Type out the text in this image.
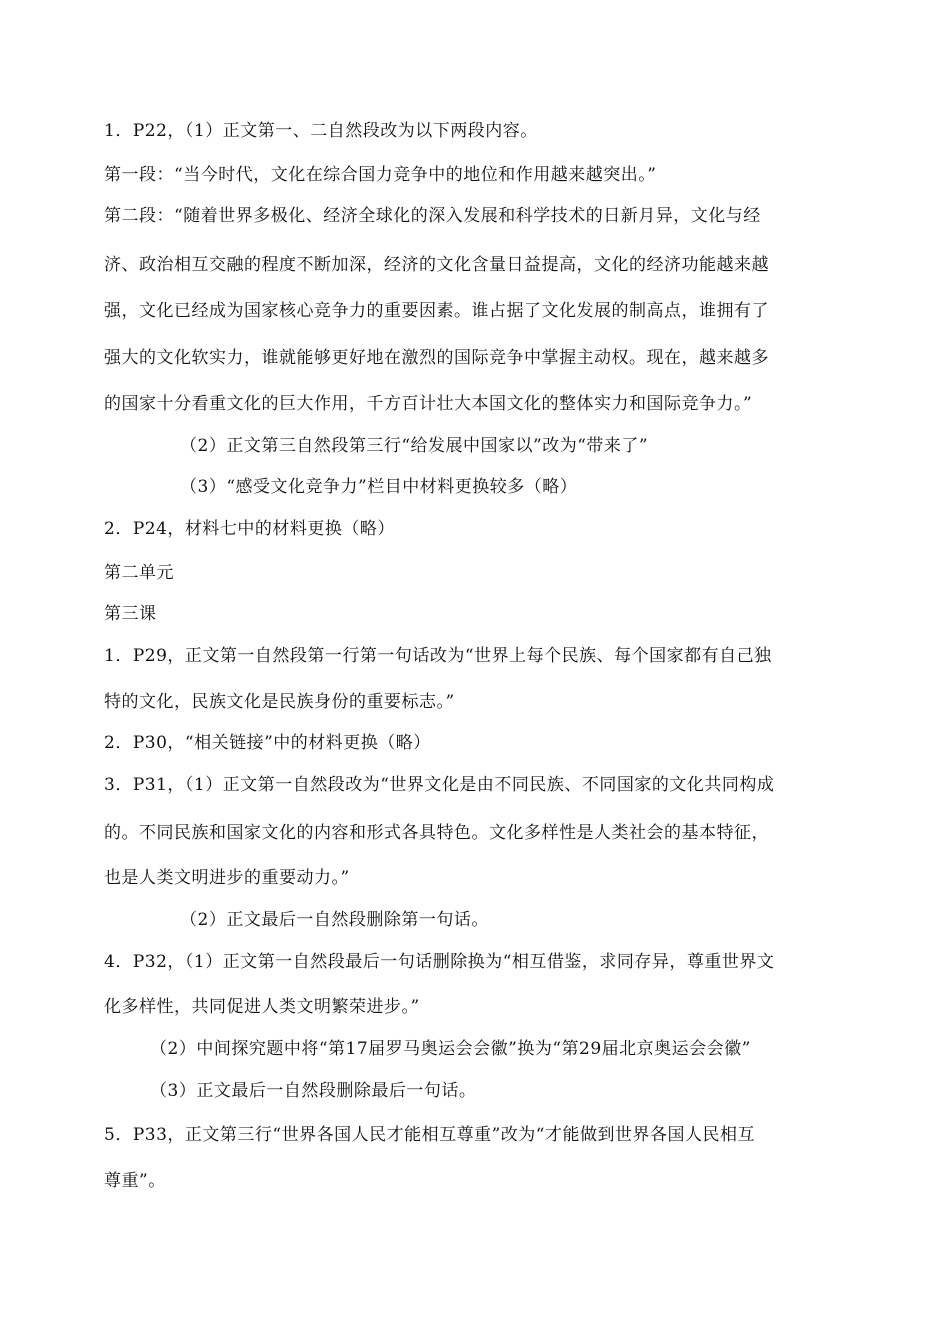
1．P22，（1）正文第一、二自然段改为以下两段内容。
第一段：“当今时代，文化在综合国力竞争中的地位和作用越来越突出。”
第二段：“随着世界多极化、经济全球化的深入发展和科学技术的日新月异，文化与经
济、政治相互交融的程度不断加深，经济的文化含量日益提高，文化的经济功能越来越
强，文化已经成为国家核心竞争力的重要因素。谁占据了文化发展的制高点，谁拥有了
强大的文化软实力，谁就能够更好地在激烈的国际竞争中掌握主动权。现在，越来越多
的国家十分看重文化的巨大作用，千方百计壮大本国文化的整体实力和国际竞争力。”
（2）正文第三自然段第三行“给发展中国家以”改为“带来了”
（3）“感受文化竞争力”栏目中材料更换较多（略）
2．P24，材料七中的材料更换（略）
第二单元
第三课
1．P29，正文第一自然段第一行第一句话改为“世界上每个民族、每个国家都有自己独
特的文化，民族文化是民族身份的重要标志。”
2．P30，“相关链接”中的材料更换（略）
3．P31，（1）正文第一自然段改为“世界文化是由不同民族、不同国家的文化共同构成
的。不同民族和国家文化的内容和形式各具特色。文化多样性是人类社会的基本特征，
也是人类文明进步的重要动力。”
（2）正文最后一自然段删除第一句话。
4．P32，（1）正文第一自然段最后一句话删除换为“相互借鉴，求同存异，尊重世界文
化多样性，共同促进人类文明繁荣进步。”
（2）中间探究题中将“第17届罗马奥运会会徽”换为“第29届北京奥运会会徽”
（3）正文最后一自然段删除最后一句话。
5．P33，正文第三行“世界各国人民才能相互尊重”改为“才能做到世界各国人民相互
尊重”。
